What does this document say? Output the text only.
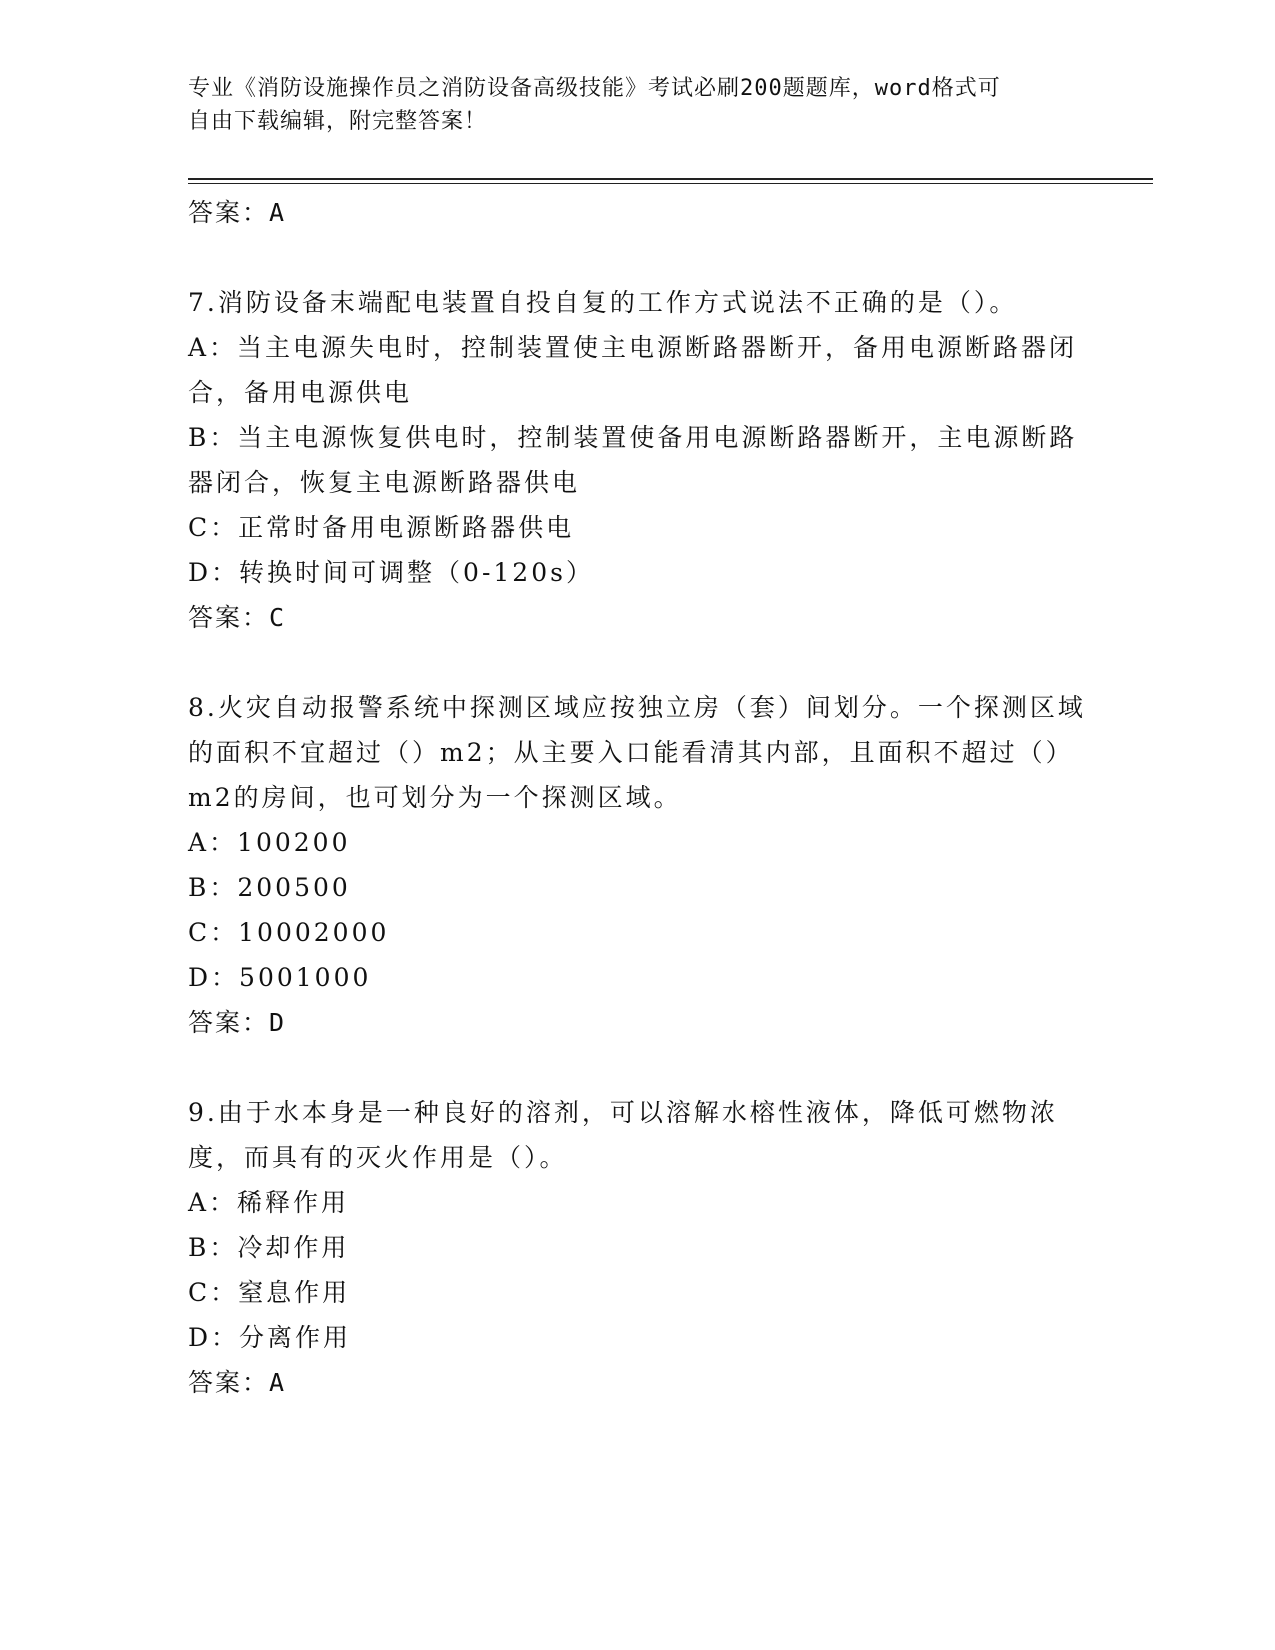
专业《消防设施操作员之消防设备高级技能》考试必刷200题题库，word格式可
自由下载编辑，附完整答案！
答案：A
7.消防设备末端配电装置自投自复的工作方式说法不正确的是（）。
A：当主电源失电时，控制装置使主电源断路器断开，备用电源断路器闭合，备用电源供电
B：当主电源恢复供电时，控制装置使备用电源断路器断开，主电源断路器闭合，恢复主电源断路器供电
C：正常时备用电源断路器供电
D：转换时间可调整（0-120s）
答案：C
8.火灾自动报警系统中探测区域应按独立房（套）间划分。一个探测区域的面积不宜超过（）m2；从主要入口能看清其内部，且面积不超过（）m2的房间，也可划分为一个探测区域。
A：100200
B：200500
C：10002000
D：5001000
答案：D
9.由于水本身是一种良好的溶剂，可以溶解水榕性液体，降低可燃物浓度，而具有的灭火作用是（）。
A：稀释作用
B：冷却作用
C：窒息作用
D：分离作用
答案：A
